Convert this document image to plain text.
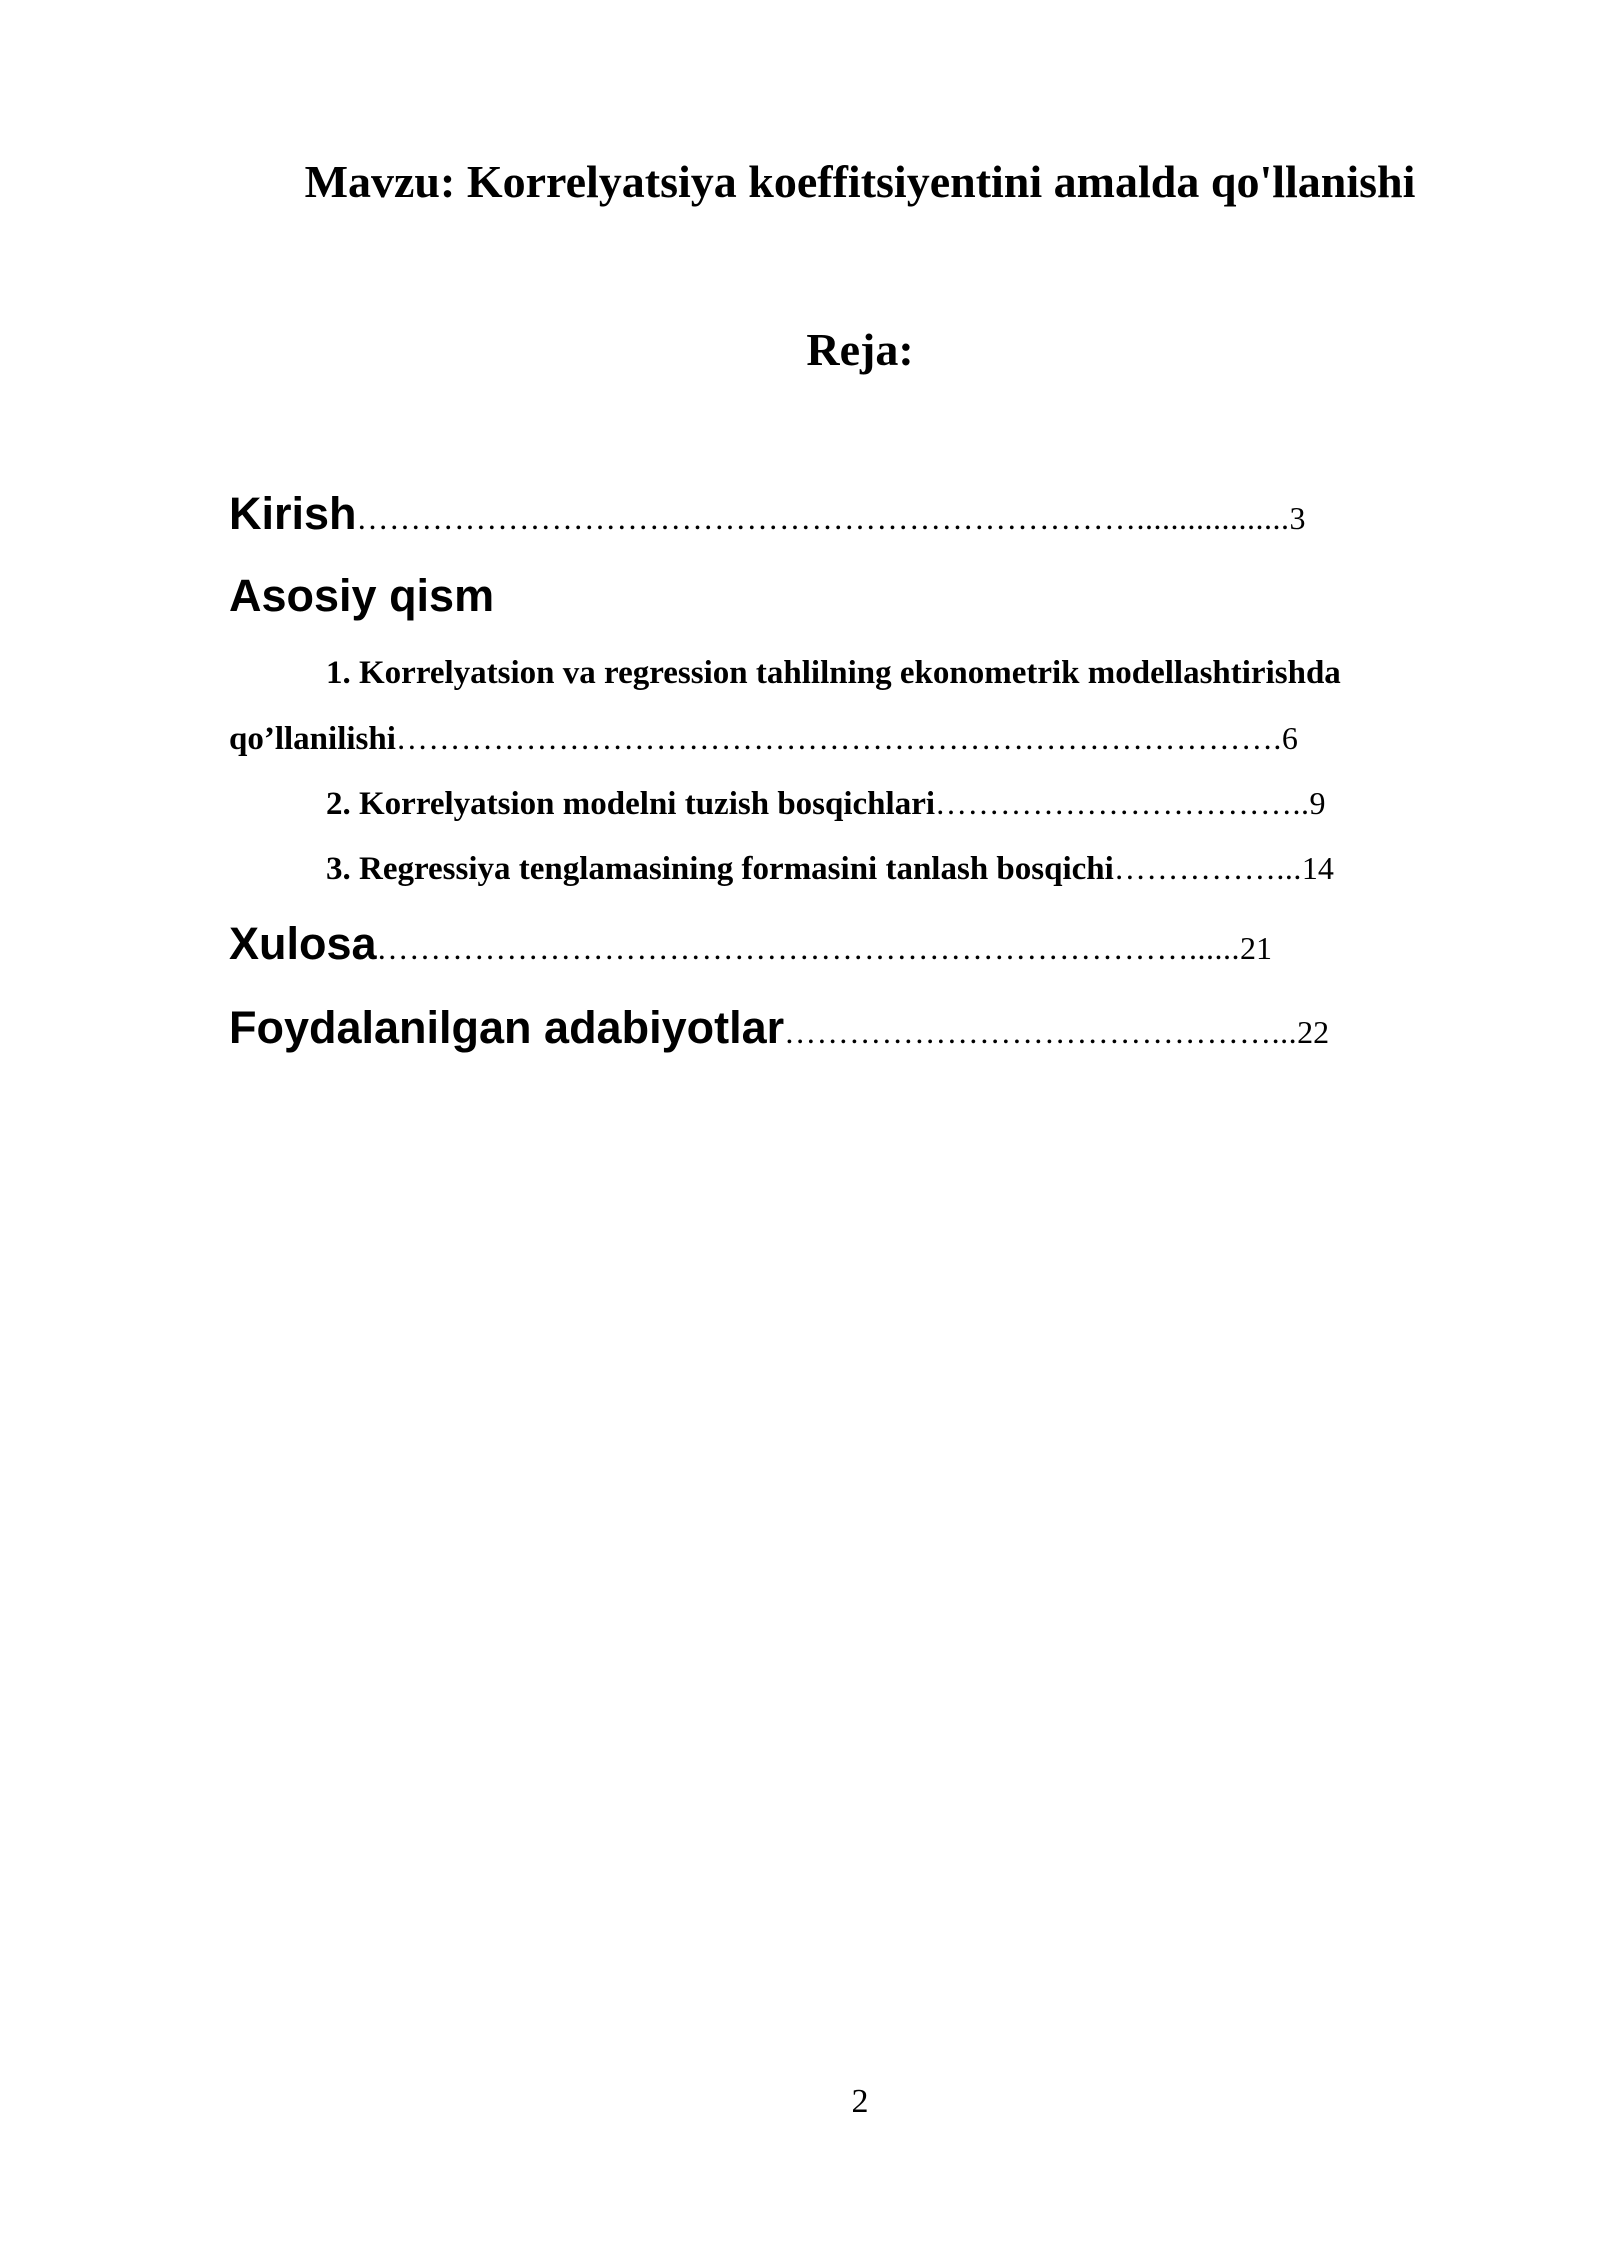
Mavzu: Korrelyatsiya koeffitsiyentini amalda qo'llanishi
Reja:
Kirish………………………………………………………………..................3
Asosiy qism
1. Korrelyatsion va regression tahlilning ekonometrik modellashtirishda
qo’llanilishi……………………………………………………………………….6
2. Korrelyatsion modelni tuzish bosqichlari……………………………..9
3. Regressiya tenglamasining formasini tanlash bosqichi……………...14
Xulosa…………………………………………………………………......21
Foydalanilgan adabiyotlar………………………………………...22
2
